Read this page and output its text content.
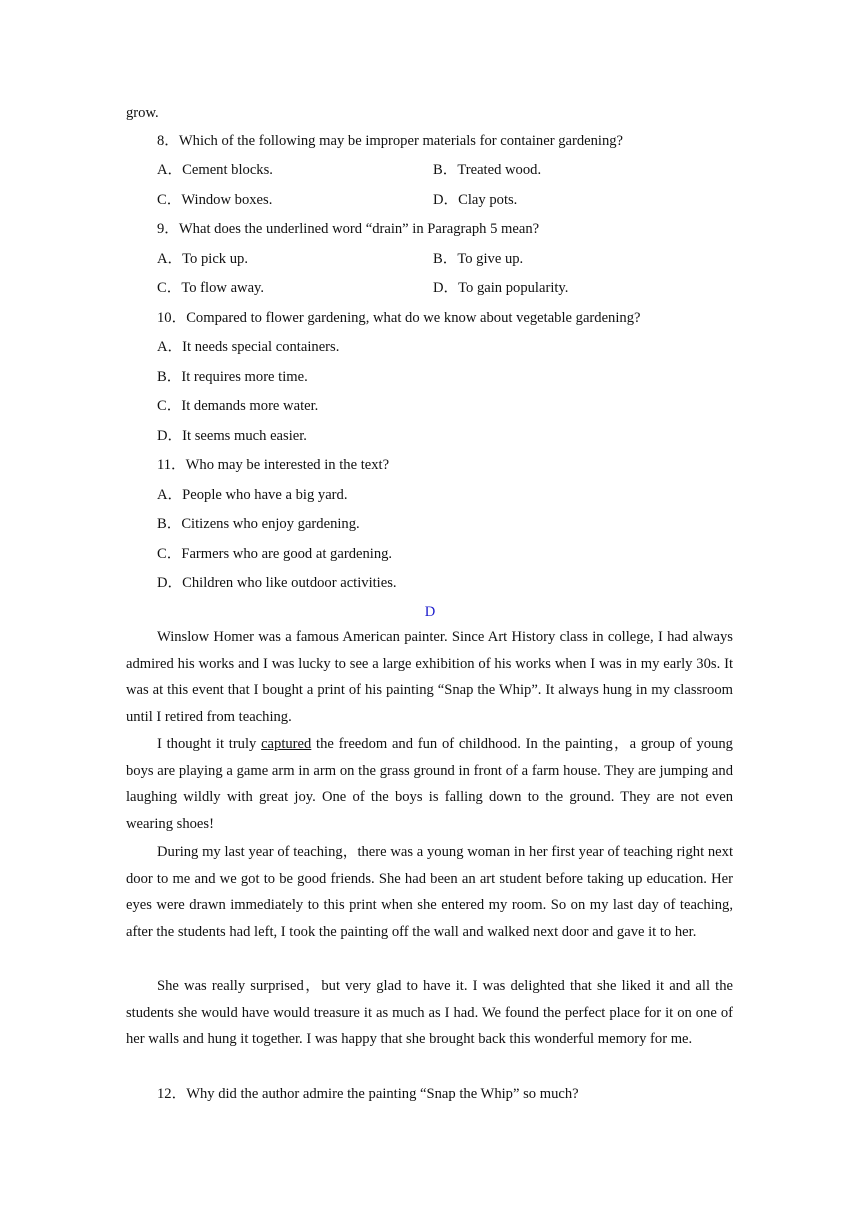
grow.
8．Which of the following may be improper materials for container gardening?
A．Cement blocks.	B．Treated wood.
C．Window boxes.	D．Clay pots.
9．What does the underlined word “drain” in Paragraph 5 mean?
A．To pick up.	B．To give up.
C．To flow away.	D．To gain popularity.
10．Compared to flower gardening, what do we know about vegetable gardening?
A．It needs special containers.
B．It requires more time.
C．It demands more water.
D．It seems much easier.
11．Who may be interested in the text?
A．People who have a big yard.
B．Citizens who enjoy gardening.
C．Farmers who are good at gardening.
D．Children who like outdoor activities.
D

Winslow Homer was a famous American painter. Since Art History class in college, I had always admired his works and I was lucky to see a large exhibition of his works when I was in my early 30s. It was at this event that I bought a print of his painting “Snap the Whip”. It always hung in my classroom until I retired from teaching.

I thought it truly captured the freedom and fun of childhood. In the painting，a group of young boys are playing a game arm in arm on the grass ground in front of a farm house. They are jumping and laughing wildly with great joy. One of the boys is falling down to the ground. They are not even wearing shoes!

During my last year of teaching，there was a young woman in her first year of teaching right next door to me and we got to be good friends. She had been an art student before taking up education. Her eyes were drawn immediately to this print when she entered my room. So on my last day of teaching, after the students had left, I took the painting off the wall and walked next door and gave it to her.

She was really surprised，but very glad to have it. I was delighted that she liked it and all the students she would have would treasure it as much as I had. We found the perfect place for it on one of her walls and hung it together. I was happy that she brought back this wonderful memory for me.

12．Why did the author admire the painting “Snap the Whip” so much?
